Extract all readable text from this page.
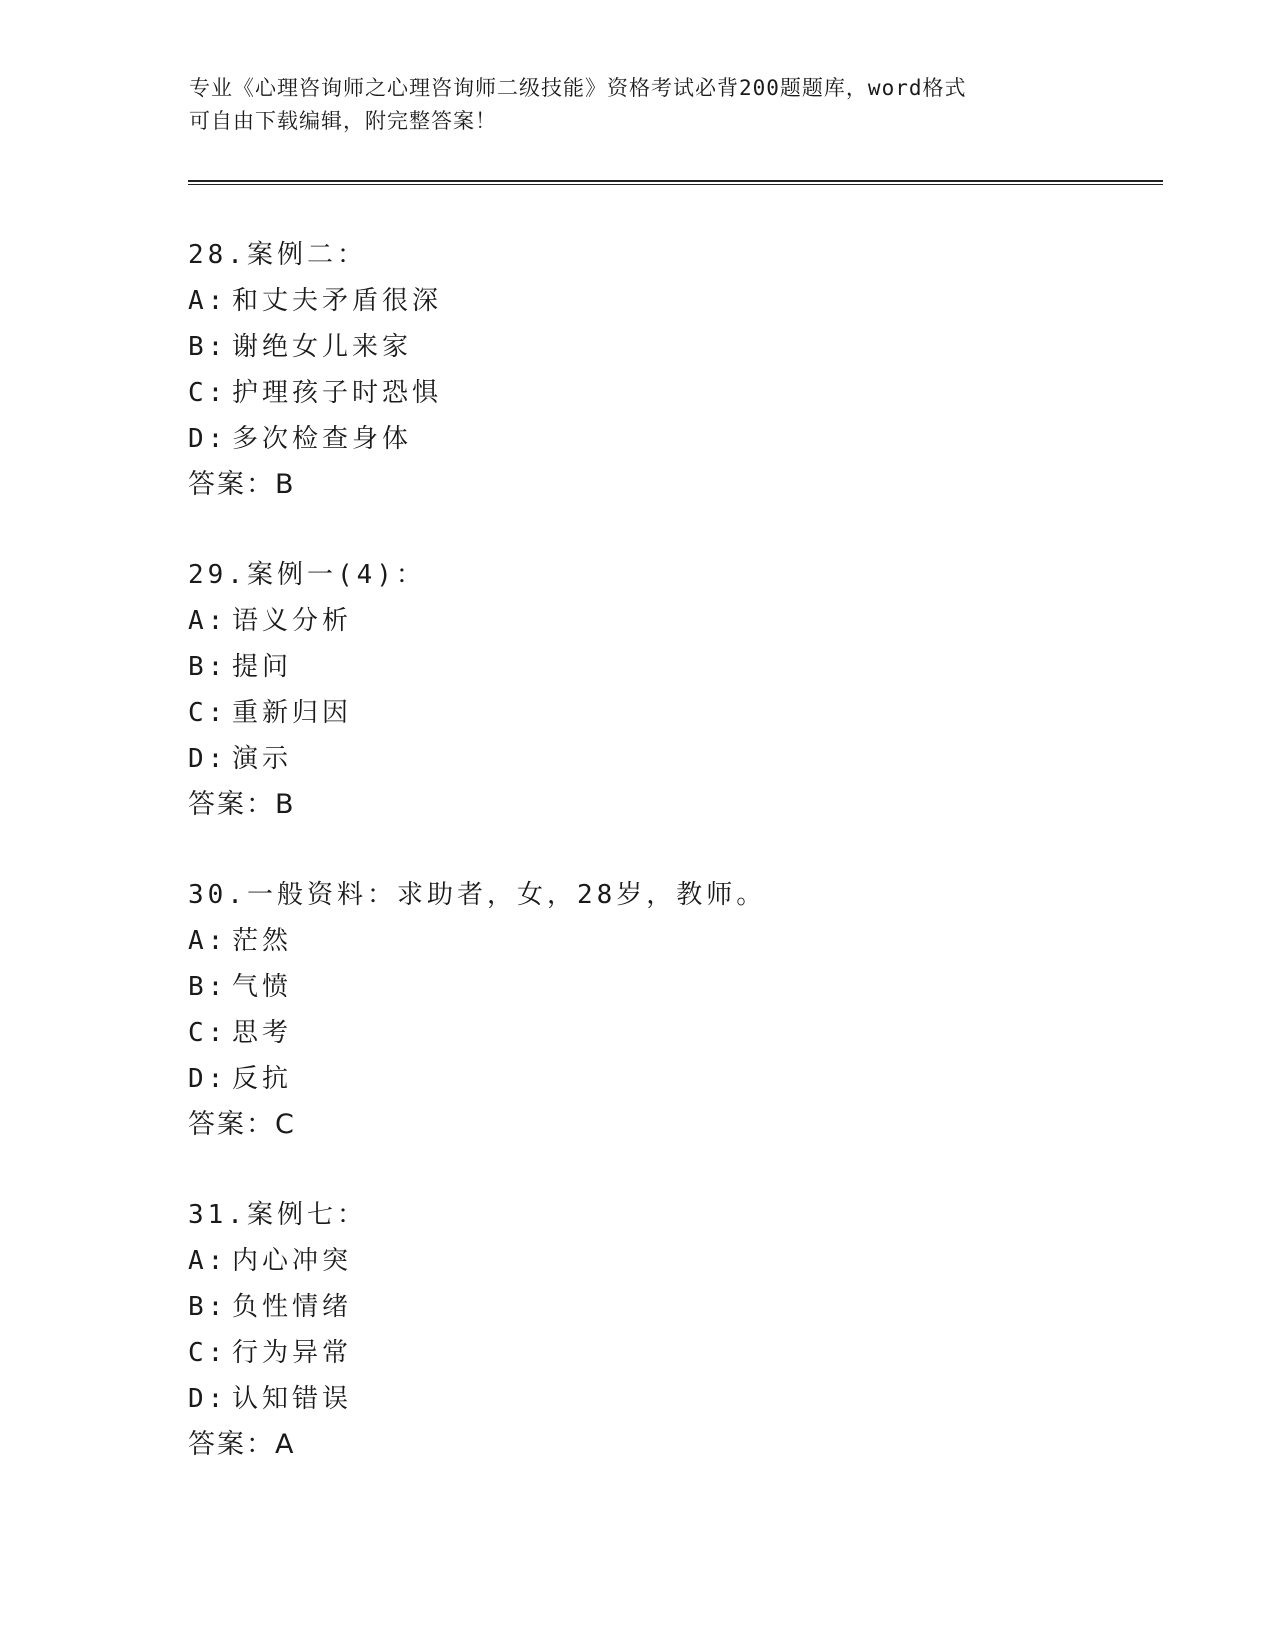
专业《心理咨询师之心理咨询师二级技能》资格考试必背200题题库，word格式
可自由下载编辑，附完整答案！
28.案例二：
A: 和丈夫矛盾很深
B: 谢绝女儿来家
C: 护理孩子时恐惧
D: 多次检查身体
答案：B
29.案例一(4)：
A: 语义分析
B: 提问
C: 重新归因
D: 演示
答案：B
30.一般资料：求助者，女，28岁，教师。
A: 茫然
B: 气愤
C: 思考
D: 反抗
答案：C
31.案例七：
A: 内心冲突
B: 负性情绪
C: 行为异常
D: 认知错误
答案：A
